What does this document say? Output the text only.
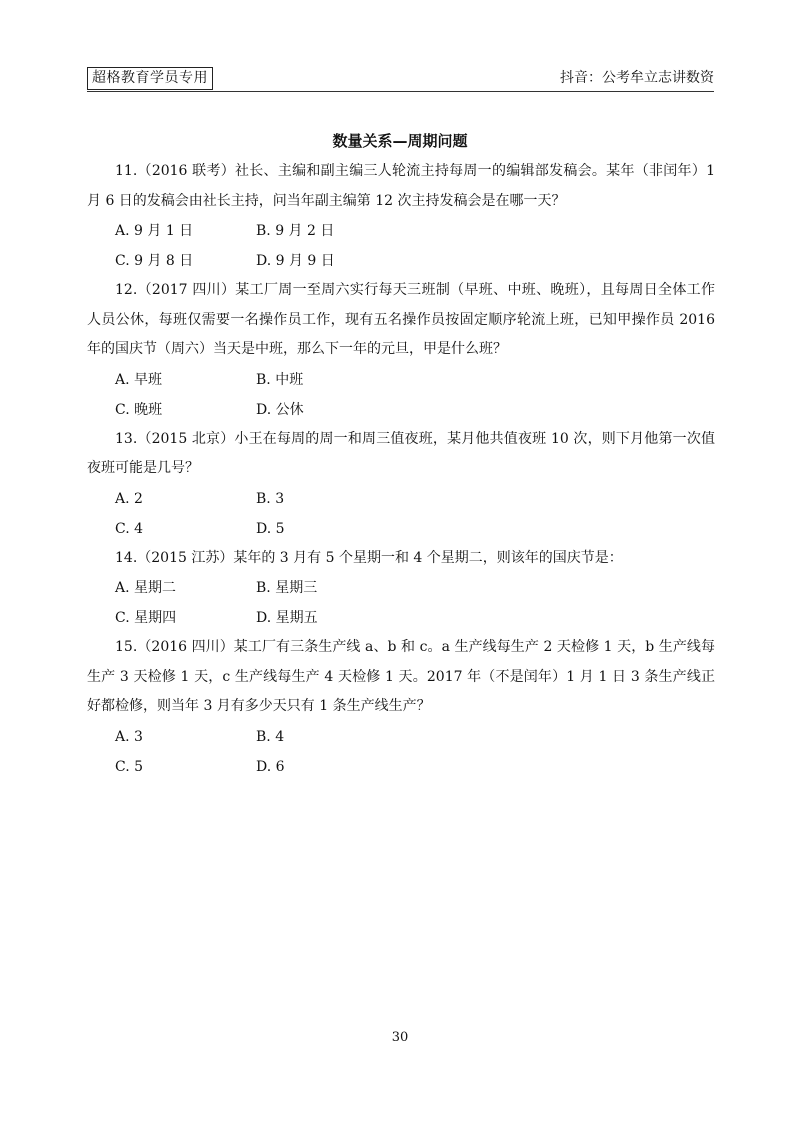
超格教育学员专用	抖音：公考牟立志讲数资
数量关系—周期问题

11.（2016 联考）社长、主编和副主编三人轮流主持每周一的编辑部发稿会。某年（非闰年）1 月 6 日的发稿会由社长主持，问当年副主编第 12 次主持发稿会是在哪一天？

A. 9 月 1 日	B. 9 月 2 日
C. 9 月 8 日	D. 9 月 9 日

12.（2017 四川）某工厂周一至周六实行每天三班制（早班、中班、晚班），且每周日全体工作人员公休，每班仅需要一名操作员工作，现有五名操作员按固定顺序轮流上班，已知甲操作员 2016 年的国庆节（周六）当天是中班，那么下一年的元旦，甲是什么班？

A. 早班	B. 中班
C. 晚班	D. 公休

13.（2015 北京）小王在每周的周一和周三值夜班，某月他共值夜班 10 次，则下月他第一次值夜班可能是几号？

A. 2	B. 3
C. 4	D. 5

14.（2015 江苏）某年的 3 月有 5 个星期一和 4 个星期二，则该年的国庆节是：

A. 星期二	B. 星期三
C. 星期四	D. 星期五

15.（2016 四川）某工厂有三条生产线 a、b 和 c。a 生产线每生产 2 天检修 1 天，b 生产线每生产 3 天检修 1 天，c 生产线每生产 4 天检修 1 天。2017 年（不是闰年）1 月 1 日 3 条生产线正好都检修，则当年 3 月有多少天只有 1 条生产线生产？

A. 3	B. 4
C. 5	D. 6
30
